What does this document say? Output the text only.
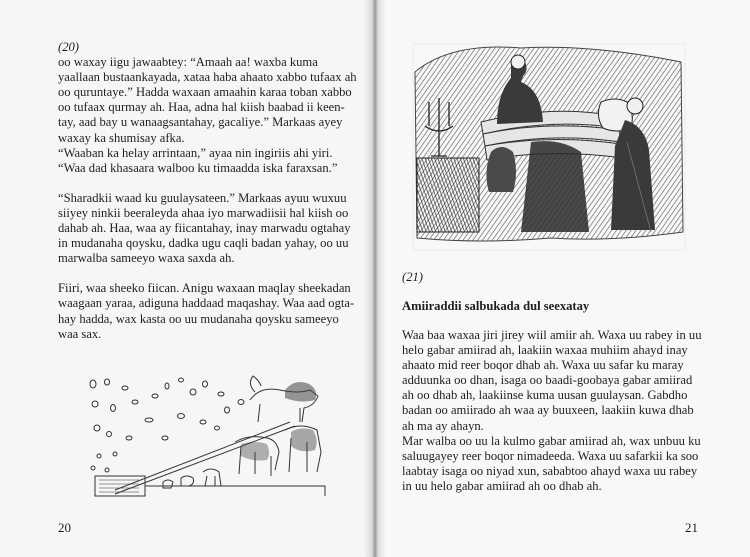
(20)

oo waxay iigu jawaabtey: “Amaah aa! waxba kuma yaallaan bustaankayada, xataa haba ahaato xabbo tufaax ah oo quruntaye.” Hadda waxaan amaahin karaa toban xabbo oo tufaax qurmay ah. Haa, adna hal kiish baabad ii keen-tay, aad bay u wanaagsantahay, gacaliye.” Markaas ayey waxay ka shumisay afka.

“Waaban ka helay arrintaan,” ayaa nin ingiriis ahi yiri.

“Waa dad khasaara walboo ku timaadda iska faraxsan.”

“Sharadkii waad ku guulaysateen.” Markaas ayuu wuxuu siiyey ninkii beeraleyda ahaa iyo marwadiisii hal kiish oo dahab ah. Haa, waa ay fiicantahay, inay marwadu ogtahay in mudanaha qoysku, dadka ugu caqli badan yahay, oo uu marwalba sameeyo waxa saxda ah.

Fiiri, waa sheeko fiican. Anigu waxaan maqlay sheekadan waagaan yaraa, adiguna haddaad maqashay. Waa aad ogta-hay hadda, wax kasta oo uu mudanaha qoysku sameeyo waa sax.

20
(21)
Amiiraddii salbukada dul seexatay

Waa baa waxaa jiri jirey wiil amiir ah. Waxa uu rabey in uu helo gabar amiirad ah, laakiin waxaa muhiim ahayd inay ahaato mid reer boqor dhab ah. Waxa uu safar ku maray adduunka oo dhan, isaga oo baadi-goobaya gabar amiirad ah oo dhab ah, laakiinse kuma uusan guulaysan. Gabdho badan oo amiirado ah waa ay buuxeen, laakiin kuwa dhab ah ma ay ahayn.

Mar walba oo uu la kulmo gabar amiirad ah, wax unbuu ku saluugayey reer boqor nimadeeda. Waxa uu safarkii ka soo laabtay isaga oo niyad xun, sababtoo ahayd waxa uu rabey in uu helo gabar amiirad ah oo dhab ah.

21
